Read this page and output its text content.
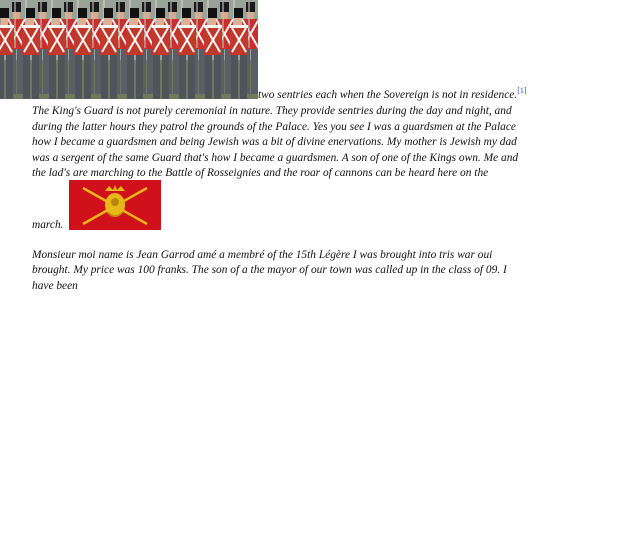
two sentries each when the Sovereign is not in residence.[1]
The King's Guard is not purely ceremonial in nature. They provide sentries during the day and night, and
during the latter hours they patrol the grounds of the Palace. Yes you see I was a guardsmen at the Palace
how I became a guardsmen and being Jewish was a bit of divine enervations. My mother is Jewish my dad
was a sergent of the same Guard that's how I became a guardsmen. A son of one of the Kings own. Me and
the lad's are marching to the Battle of Rosseignies and the roar of cannons can be heard here on the
march.
Monsieur moi name is Jean Garrod amé a membré of the 15th Légère I was brought into tris war oui
brought. My price was 100 franks. The son of a the mayor of our town was called up in the class of 09. I
have been
